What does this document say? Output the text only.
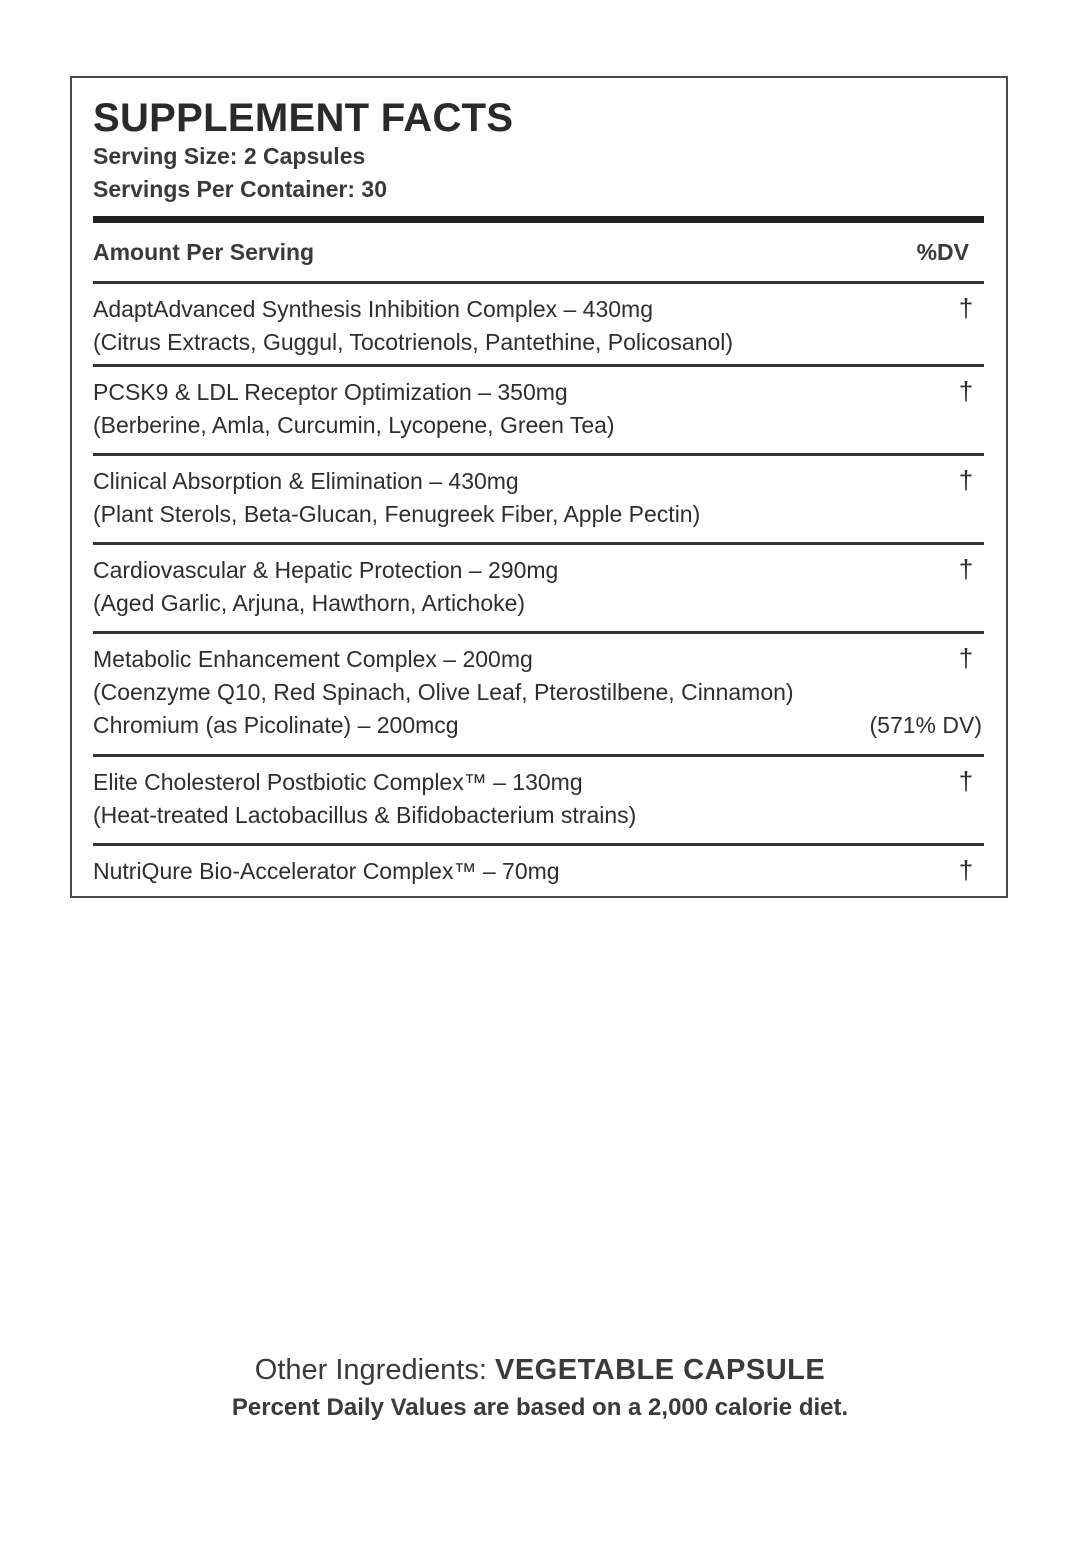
SUPPLEMENT FACTS
Serving Size: 2 Capsules
Servings Per Container: 30
Amount Per Serving	%DV
AdaptAdvanced Synthesis Inhibition Complex – 430mg	†
(Citrus Extracts, Guggul, Tocotrienols, Pantethine, Policosanol)
PCSK9 & LDL Receptor Optimization – 350mg	†
(Berberine, Amla, Curcumin, Lycopene, Green Tea)
Clinical Absorption & Elimination – 430mg	†
(Plant Sterols, Beta-Glucan, Fenugreek Fiber, Apple Pectin)
Cardiovascular & Hepatic Protection – 290mg	†
(Aged Garlic, Arjuna, Hawthorn, Artichoke)
Metabolic Enhancement Complex – 200mg	†
(Coenzyme Q10, Red Spinach, Olive Leaf, Pterostilbene, Cinnamon)
Chromium (as Picolinate) – 200mcg	(571% DV)
Elite Cholesterol Postbiotic Complex™ – 130mg	†
(Heat-treated Lactobacillus & Bifidobacterium strains)
NutriQure Bio-Accelerator Complex™ – 70mg	†
Other Ingredients: VEGETABLE CAPSULE
Percent Daily Values are based on a 2,000 calorie diet.
